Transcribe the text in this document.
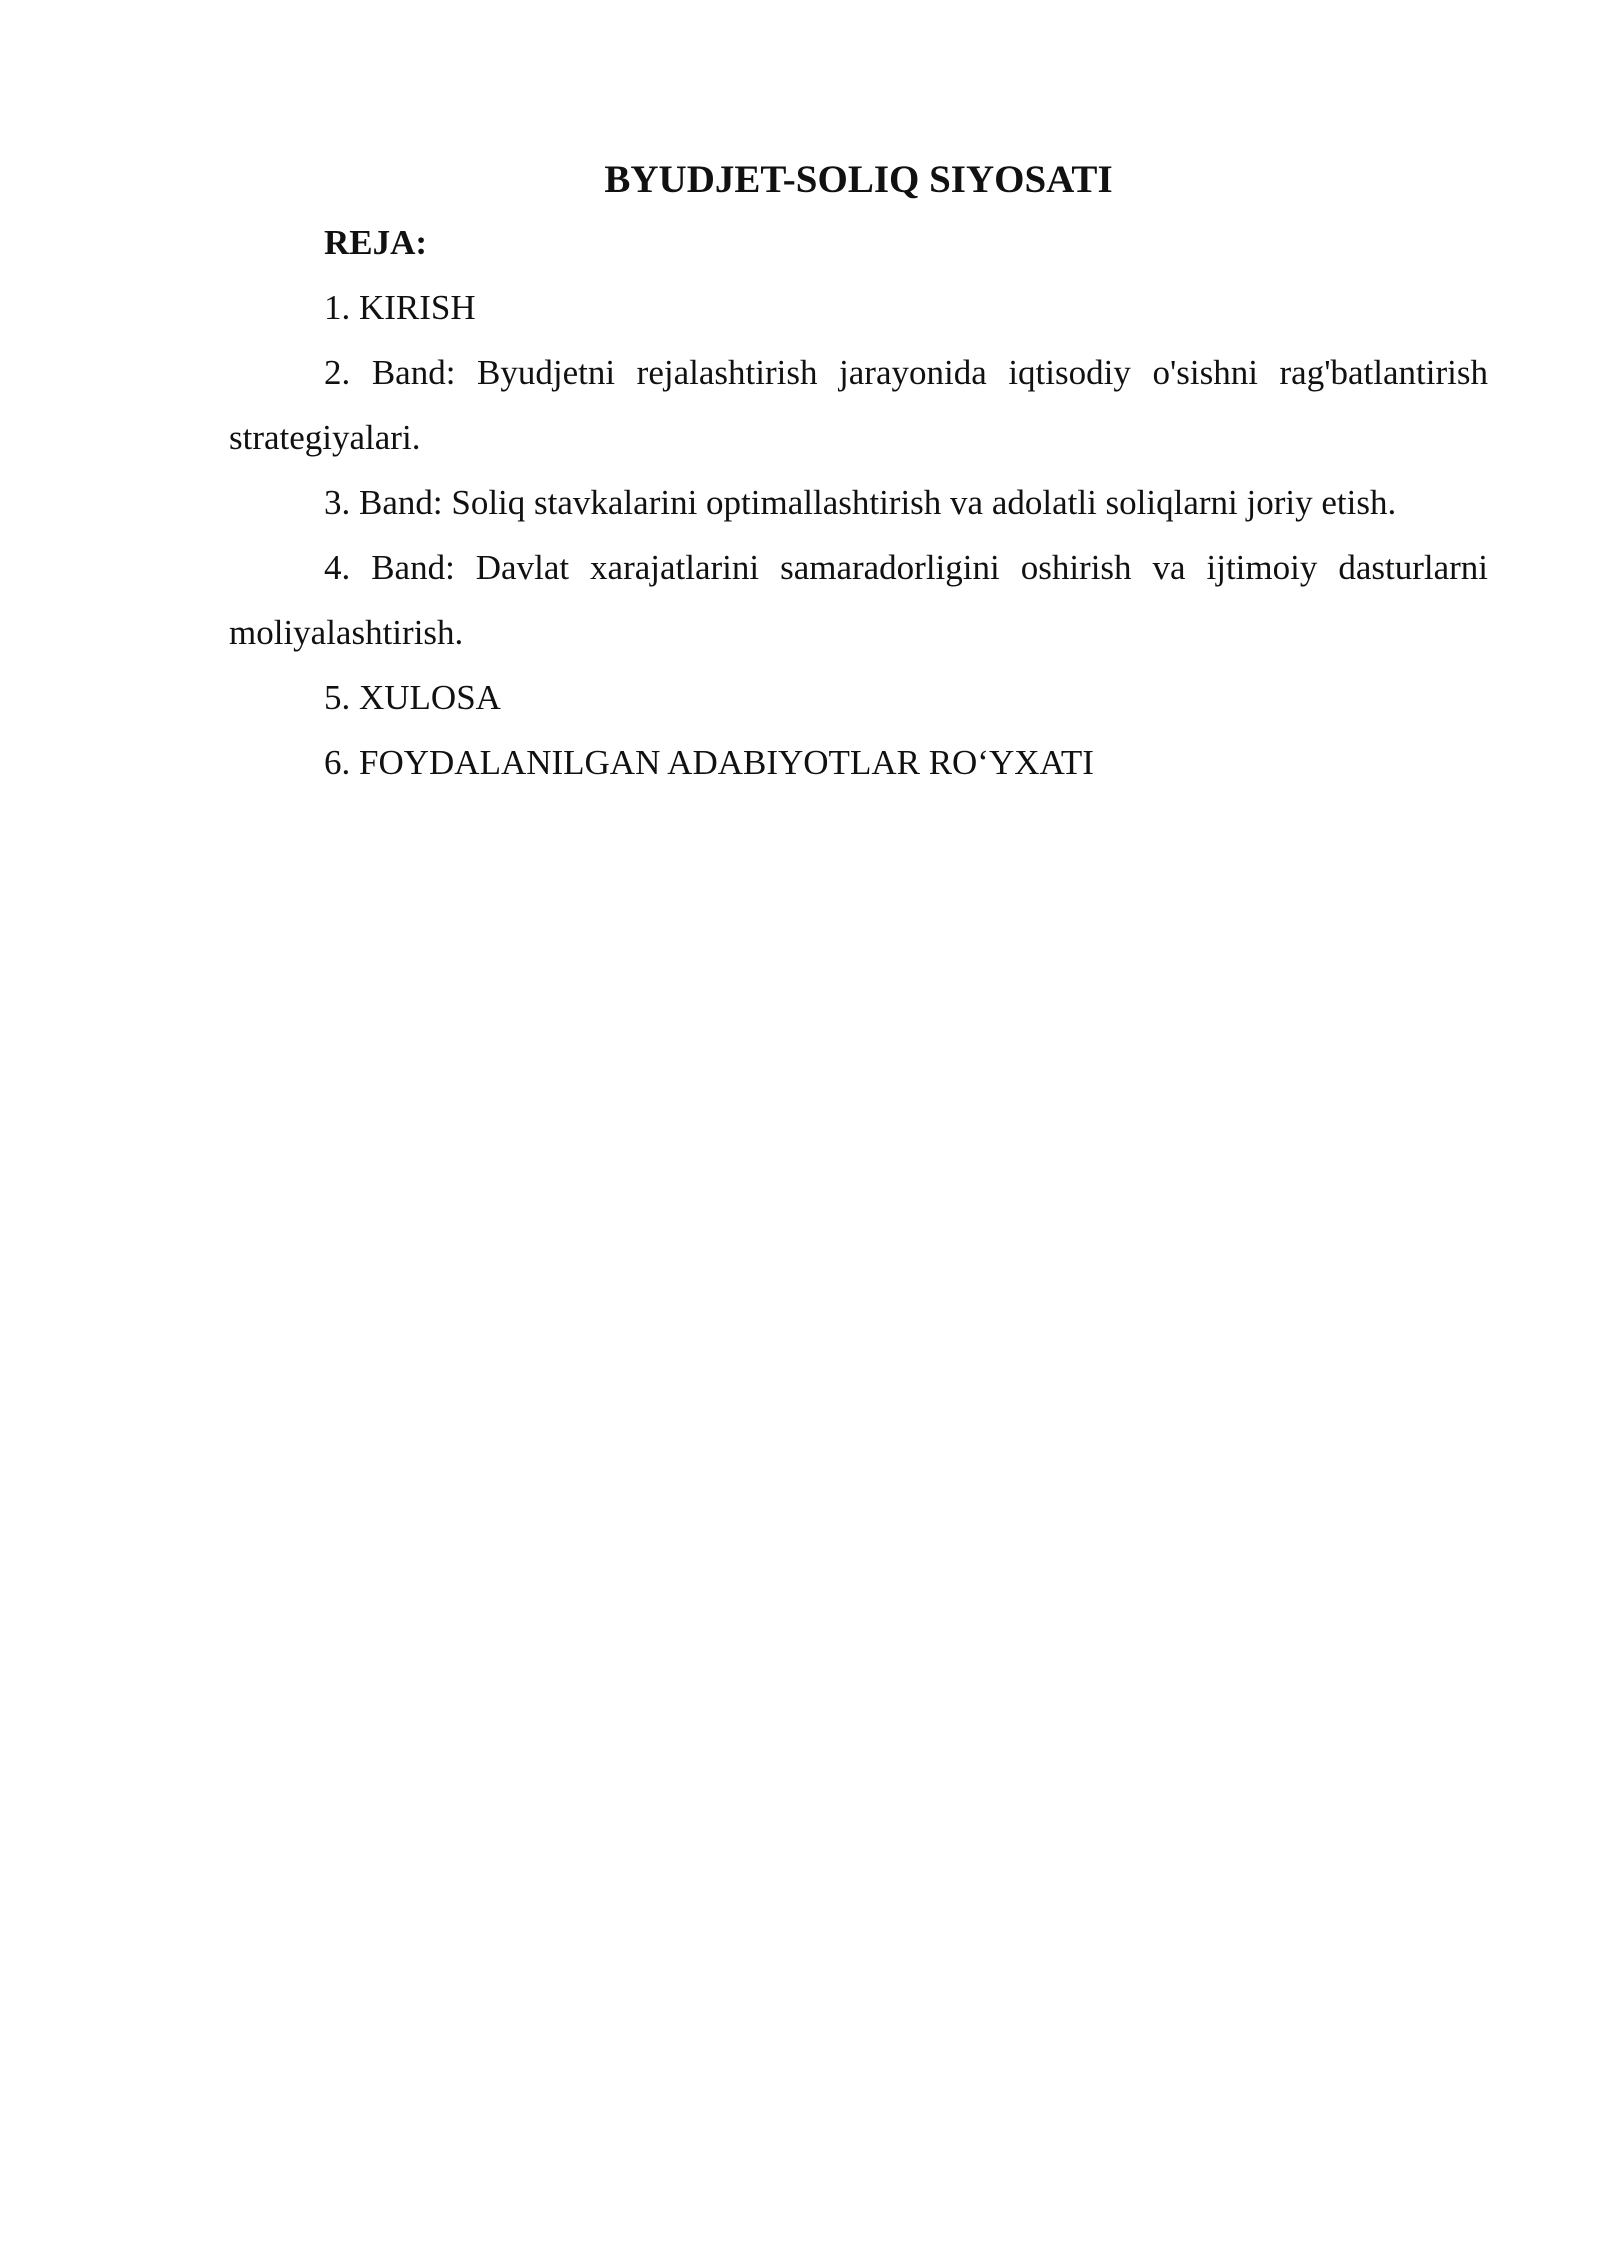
BYUDJET-SOLIQ SIYOSATI

REJA:

1. KIRISH
2. Band: Byudjetni rejalashtirish jarayonida iqtisodiy o'sishni rag'batlantirish strategiyalari.
3. Band: Soliq stavkalarini optimallashtirish va adolatli soliqlarni joriy etish.
4. Band: Davlat xarajatlarini samaradorligini oshirish va ijtimoiy dasturlarni moliyalashtirish.
5. XULOSA
6. FOYDALANILGAN ADABIYOTLAR RO‘YXATI
